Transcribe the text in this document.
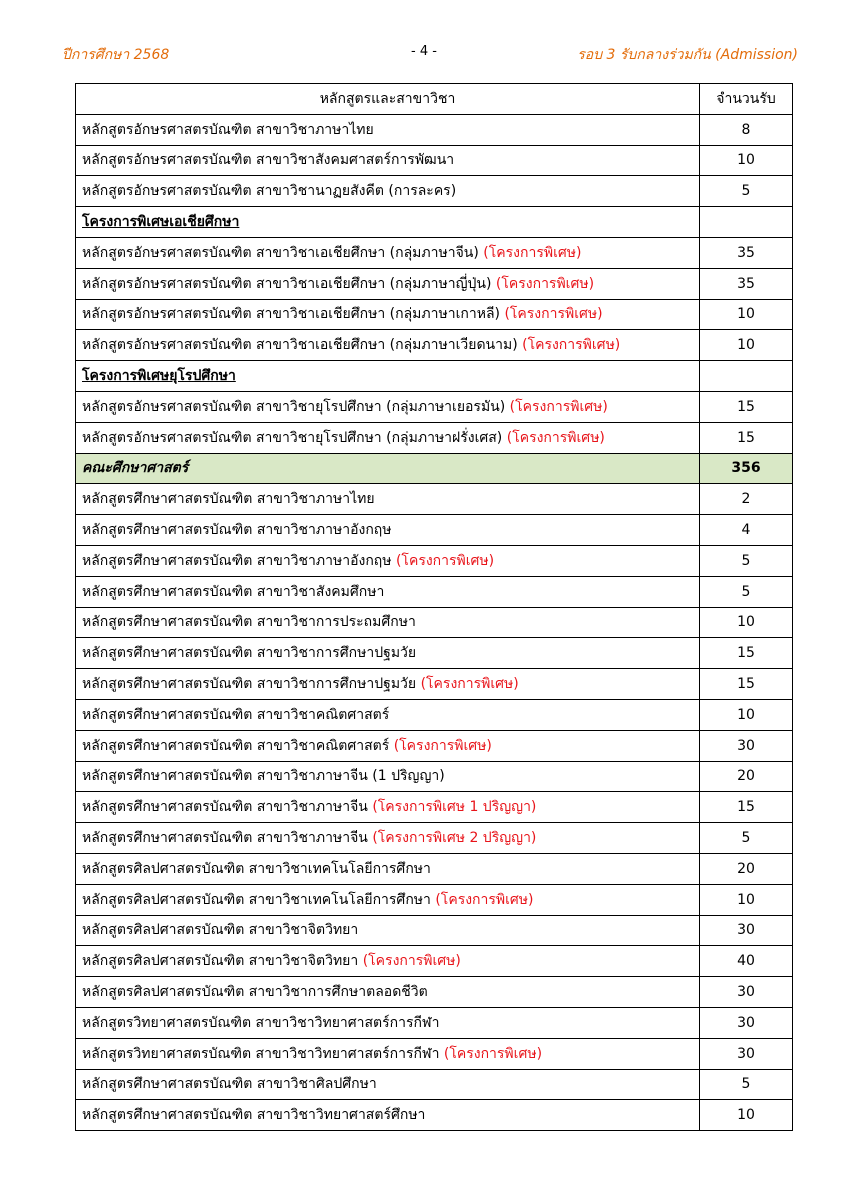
ปีการศึกษา 2568	- 4 -	รอบ 3 รับกลางร่วมกัน (Admission)
หลักสูตรและสาขาวิชา	จำนวนรับ
หลักสูตรอักษรศาสตรบัณฑิต สาขาวิชาภาษาไทย	8
หลักสูตรอักษรศาสตรบัณฑิต สาขาวิชาสังคมศาสตร์การพัฒนา	10
หลักสูตรอักษรศาสตรบัณฑิต สาขาวิชานาฏยสังคีต (การละคร)	5
โครงการพิเศษเอเชียศึกษา	
หลักสูตรอักษรศาสตรบัณฑิต สาขาวิชาเอเชียศึกษา (กลุ่มภาษาจีน) (โครงการพิเศษ)	35
หลักสูตรอักษรศาสตรบัณฑิต สาขาวิชาเอเชียศึกษา (กลุ่มภาษาญี่ปุ่น) (โครงการพิเศษ)	35
หลักสูตรอักษรศาสตรบัณฑิต สาขาวิชาเอเชียศึกษา (กลุ่มภาษาเกาหลี) (โครงการพิเศษ)	10
หลักสูตรอักษรศาสตรบัณฑิต สาขาวิชาเอเชียศึกษา (กลุ่มภาษาเวียดนาม) (โครงการพิเศษ)	10
โครงการพิเศษยุโรปศึกษา	
หลักสูตรอักษรศาสตรบัณฑิต สาขาวิชายุโรปศึกษา (กลุ่มภาษาเยอรมัน) (โครงการพิเศษ)	15
หลักสูตรอักษรศาสตรบัณฑิต สาขาวิชายุโรปศึกษา (กลุ่มภาษาฝรั่งเศส) (โครงการพิเศษ)	15
คณะศึกษาศาสตร์	356
หลักสูตรศึกษาศาสตรบัณฑิต สาขาวิชาภาษาไทย	2
หลักสูตรศึกษาศาสตรบัณฑิต สาขาวิชาภาษาอังกฤษ	4
หลักสูตรศึกษาศาสตรบัณฑิต สาขาวิชาภาษาอังกฤษ (โครงการพิเศษ)	5
หลักสูตรศึกษาศาสตรบัณฑิต สาขาวิชาสังคมศึกษา	5
หลักสูตรศึกษาศาสตรบัณฑิต สาขาวิชาการประถมศึกษา	10
หลักสูตรศึกษาศาสตรบัณฑิต สาขาวิชาการศึกษาปฐมวัย	15
หลักสูตรศึกษาศาสตรบัณฑิต สาขาวิชาการศึกษาปฐมวัย (โครงการพิเศษ)	15
หลักสูตรศึกษาศาสตรบัณฑิต สาขาวิชาคณิตศาสตร์	10
หลักสูตรศึกษาศาสตรบัณฑิต สาขาวิชาคณิตศาสตร์ (โครงการพิเศษ)	30
หลักสูตรศึกษาศาสตรบัณฑิต สาขาวิชาภาษาจีน (1 ปริญญา)	20
หลักสูตรศึกษาศาสตรบัณฑิต สาขาวิชาภาษาจีน (โครงการพิเศษ 1 ปริญญา)	15
หลักสูตรศึกษาศาสตรบัณฑิต สาขาวิชาภาษาจีน (โครงการพิเศษ 2 ปริญญา)	5
หลักสูตรศิลปศาสตรบัณฑิต สาขาวิชาเทคโนโลยีการศึกษา	20
หลักสูตรศิลปศาสตรบัณฑิต สาขาวิชาเทคโนโลยีการศึกษา (โครงการพิเศษ)	10
หลักสูตรศิลปศาสตรบัณฑิต สาขาวิชาจิตวิทยา	30
หลักสูตรศิลปศาสตรบัณฑิต สาขาวิชาจิตวิทยา (โครงการพิเศษ)	40
หลักสูตรศิลปศาสตรบัณฑิต สาขาวิชาการศึกษาตลอดชีวิต	30
หลักสูตรวิทยาศาสตรบัณฑิต สาขาวิชาวิทยาศาสตร์การกีฬา	30
หลักสูตรวิทยาศาสตรบัณฑิต สาขาวิชาวิทยาศาสตร์การกีฬา (โครงการพิเศษ)	30
หลักสูตรศึกษาศาสตรบัณฑิต สาขาวิชาศิลปศึกษา	5
หลักสูตรศึกษาศาสตรบัณฑิต สาขาวิชาวิทยาศาสตร์ศึกษา	10
